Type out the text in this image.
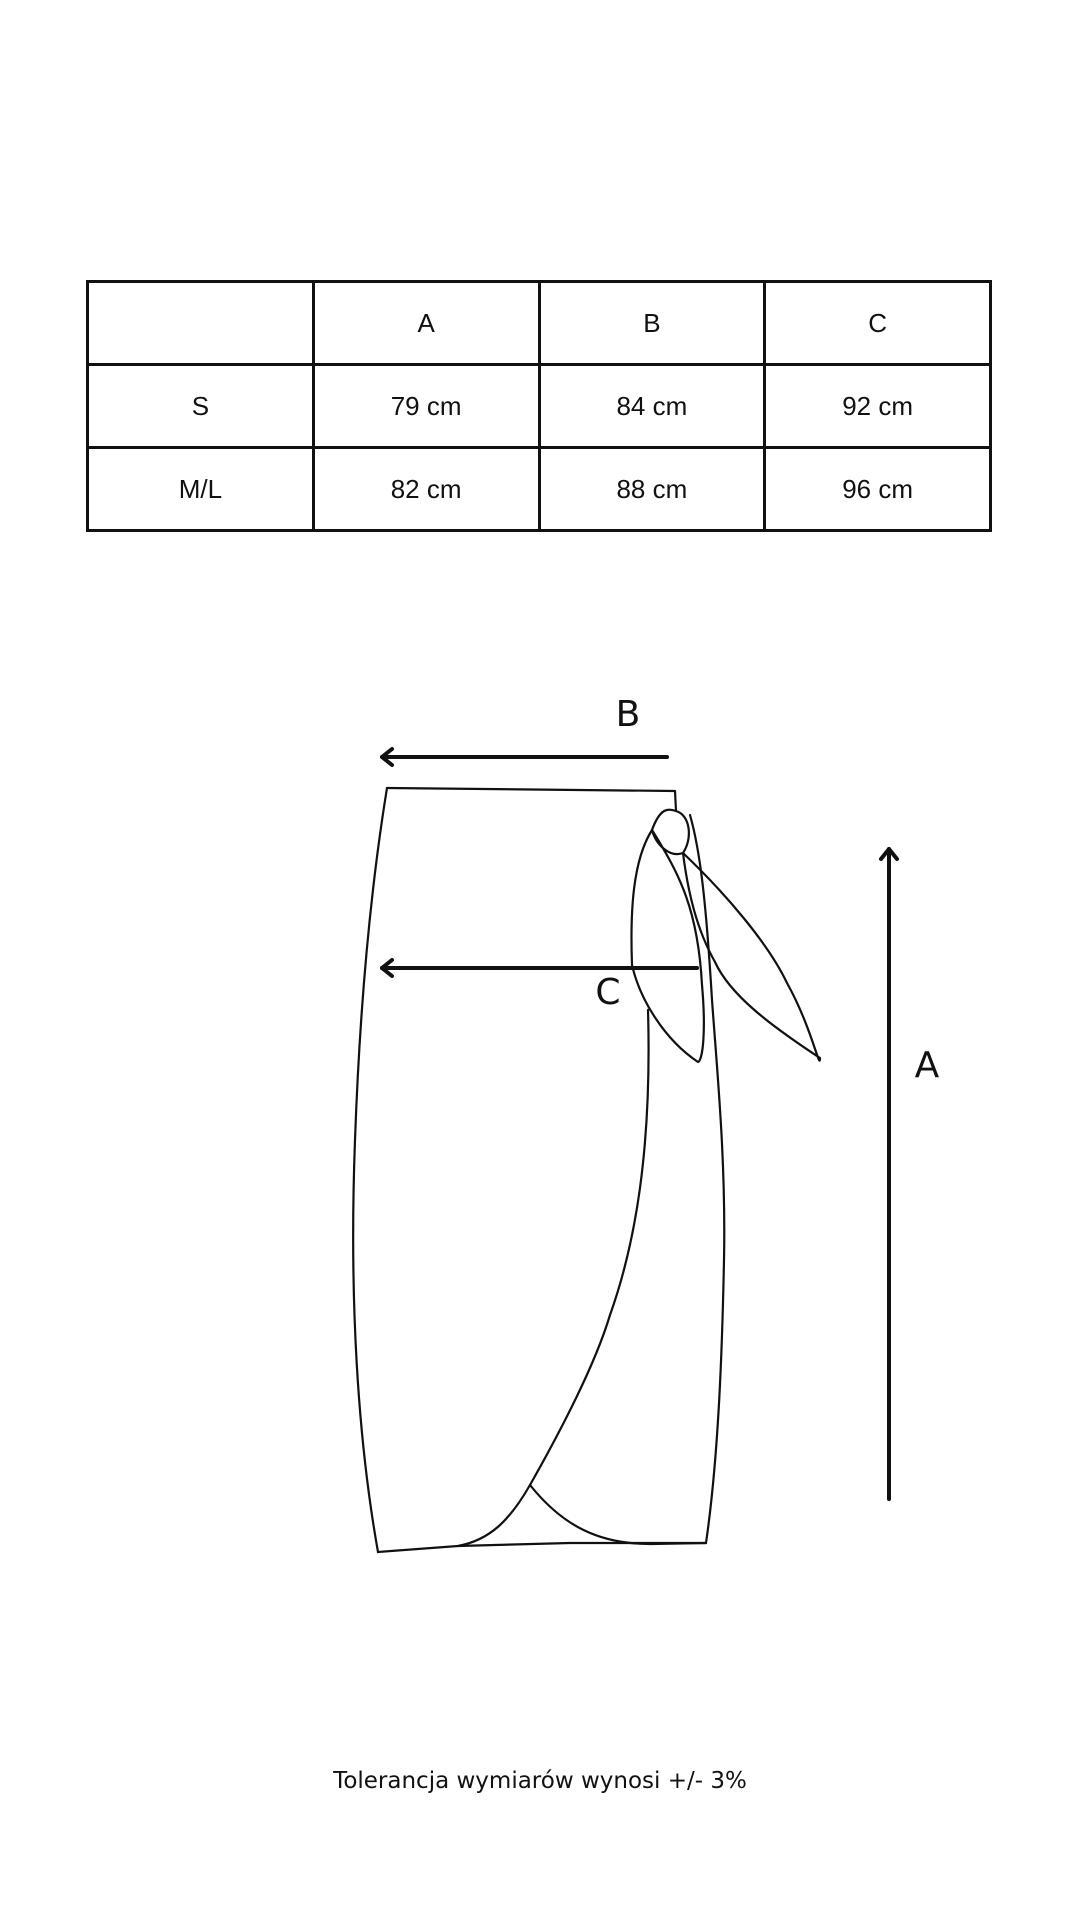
	A	B	C
S	79 cm	84 cm	92 cm
M/L	82 cm	88 cm	96 cm
B
C
A
Tolerancja wymiarów wynosi +/- 3%
